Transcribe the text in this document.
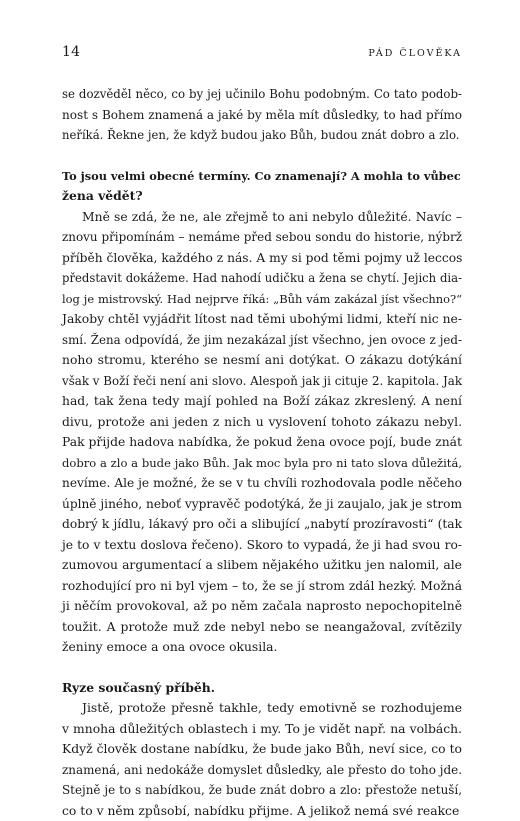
14	PÁD ČLOVĚKA
se dozvěděl něco, co by jej učinilo Bohu podobným. Co tato podob-
nost s Bohem znamená a jaké by měla mít důsledky, to had přímo
neříká. Řekne jen, že když budou jako Bůh, budou znát dobro a zlo.
To jsou velmi obecné termíny. Co znamenají? A mohla to vůbec
žena vědět?
Mně se zdá, že ne, ale zřejmě to ani nebylo důležité. Navíc –
znovu připomínám – nemáme před sebou sondu do historie, nýbrž
příběh člověka, každého z nás. A my si pod těmi pojmy už leccos
představit dokážeme. Had nahodí udičku a žena se chytí. Jejich dia-
log je mistrovský. Had nejprve říká: „Bůh vám zakázal jíst všechno?“
Jakoby chtěl vyjádřit lítost nad těmi ubohými lidmi, kteří nic ne-
smí. Žena odpovídá, že jim nezakázal jíst všechno, jen ovoce z jed-
noho stromu, kterého se nesmí ani dotýkat. O zákazu dotýkání
však v Boží řeči není ani slovo. Alespoň jak ji cituje 2. kapitola. Jak
had, tak žena tedy mají pohled na Boží zákaz zkreslený. A není
divu, protože ani jeden z nich u vyslovení tohoto zákazu nebyl.
Pak přijde hadova nabídka, že pokud žena ovoce pojí, bude znát
dobro a zlo a bude jako Bůh. Jak moc byla pro ni tato slova důležitá,
nevíme. Ale je možné, že se v tu chvíli rozhodovala podle něčeho
úplně jiného, neboť vypravěč podotýká, že ji zaujalo, jak je strom
dobrý k jídlu, lákavý pro oči a slibující „nabytí prozíravosti“ (tak
je to v textu doslova řečeno). Skoro to vypadá, že ji had svou ro-
zumovou argumentací a slibem nějakého užitku jen nalomil, ale
rozhodující pro ni byl vjem – to, že se jí strom zdál hezký. Možná
ji něčím provokoval, až po něm začala naprosto nepochopitelně
toužit. A protože muž zde nebyl nebo se neangažoval, zvítězily
ženiny emoce a ona ovoce okusila.
Ryze současný příběh.
Jistě, protože přesně takhle, tedy emotivně se rozhodujeme
v mnoha důležitých oblastech i my. To je vidět např. na volbách.
Když člověk dostane nabídku, že bude jako Bůh, neví sice, co to
znamená, ani nedokáže domyslet důsledky, ale přesto do toho jde.
Stejně je to s nabídkou, že bude znát dobro a zlo: přestože netuší,
co to v něm způsobí, nabídku přijme. A jelikož nemá své reakce
